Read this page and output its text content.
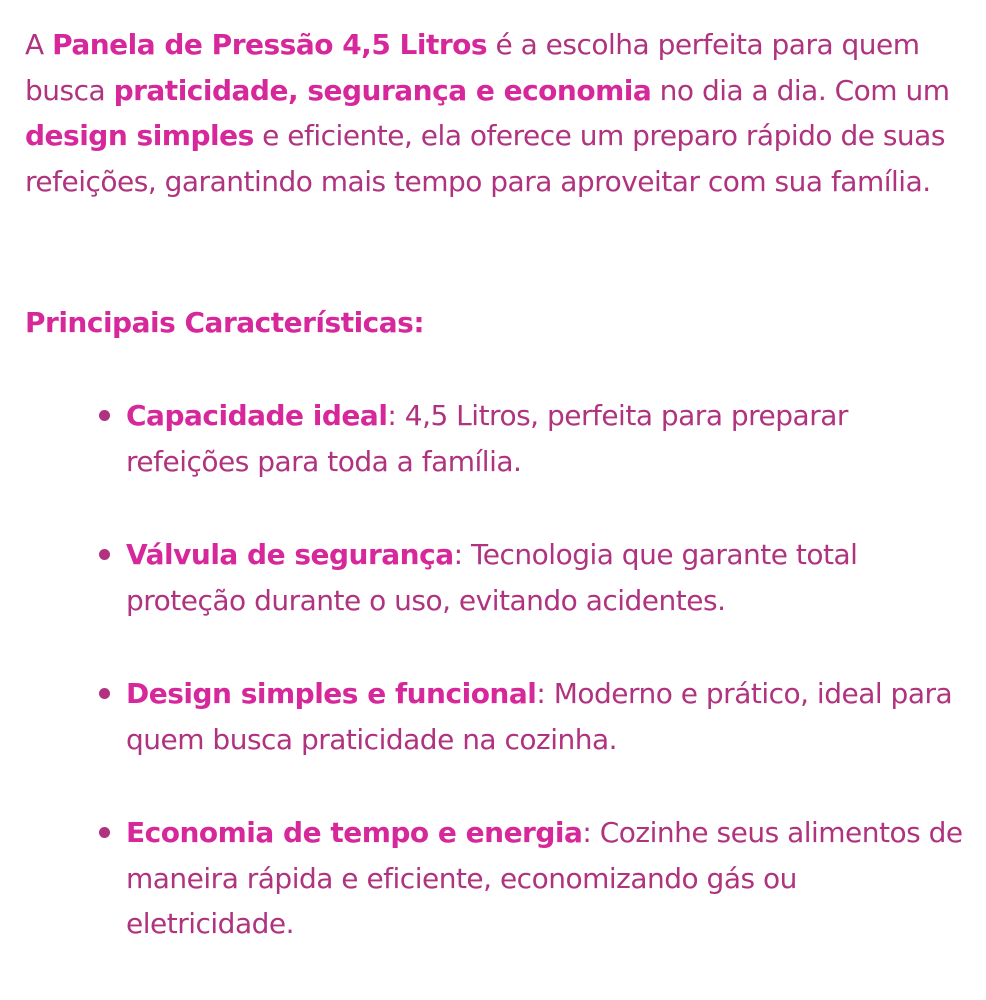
A Panela de Pressão 4,5 Litros é a escolha perfeita para quem busca praticidade, segurança e economia no dia a dia. Com um design simples e eficiente, ela oferece um preparo rápido de suas refeições, garantindo mais tempo para aproveitar com sua família.

Principais Características:
Capacidade ideal: 4,5 Litros, perfeita para preparar refeições para toda a família.
Válvula de segurança: Tecnologia que garante total proteção durante o uso, evitando acidentes.
Design simples e funcional: Moderno e prático, ideal para quem busca praticidade na cozinha.
Economia de tempo e energia: Cozinhe seus alimentos de maneira rápida e eficiente, economizando gás ou eletricidade.
